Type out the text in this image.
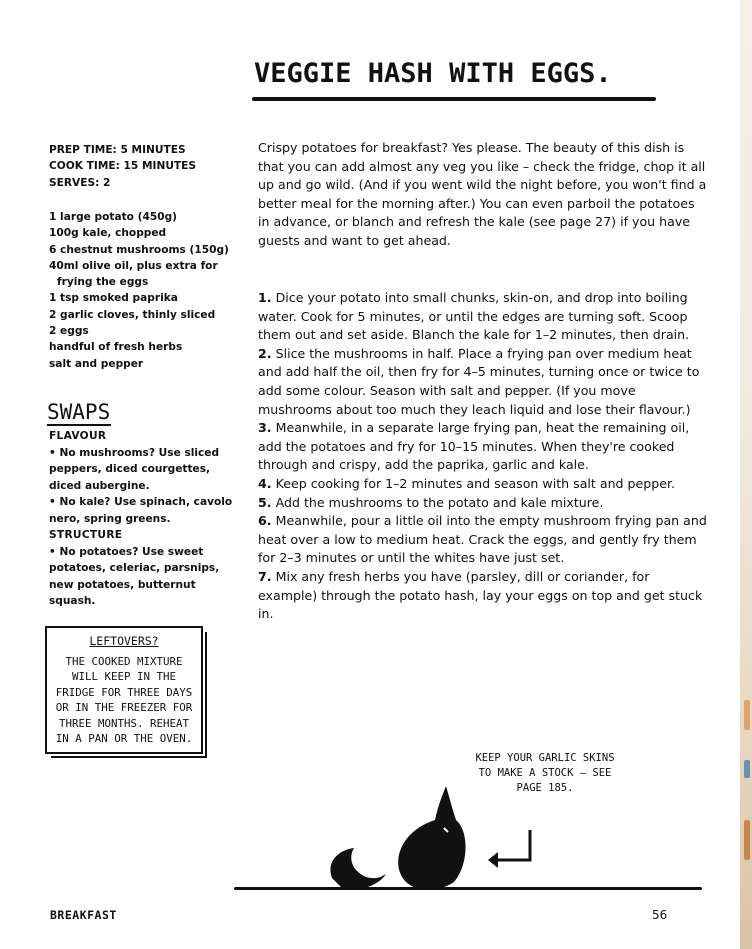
VEGGIE HASH WITH EGGS.
PREP TIME: 5 MINUTES
COOK TIME: 15 MINUTES
SERVES: 2
1 large potato (450g)
100g kale, chopped
6 chestnut mushrooms (150g)
40ml olive oil, plus extra for
frying the eggs
1 tsp smoked paprika
2 garlic cloves, thinly sliced
2 eggs
handful of fresh herbs
salt and pepper
SWAPS
FLAVOUR
• No mushrooms? Use sliced peppers, diced courgettes, diced aubergine.
• No kale? Use spinach, cavolo nero, spring greens.
STRUCTURE
• No potatoes? Use sweet potatoes, celeriac, parsnips, new potatoes, butternut squash.
LEFTOVERS?
THE COOKED MIXTURE WILL KEEP IN THE FRIDGE FOR THREE DAYS OR IN THE FREEZER FOR THREE MONTHS. REHEAT IN A PAN OR THE OVEN.

Crispy potatoes for breakfast? Yes please. The beauty of this dish is that you can add almost any veg you like – check the fridge, chop it all up and go wild. (And if you went wild the night before, you won't find a better meal for the morning after.) You can even parboil the potatoes in advance, or blanch and refresh the kale (see page 27) if you have guests and want to get ahead.

1. Dice your potato into small chunks, skin-on, and drop into boiling water. Cook for 5 minutes, or until the edges are turning soft. Scoop them out and set aside. Blanch the kale for 1–2 minutes, then drain.
2. Slice the mushrooms in half. Place a frying pan over medium heat and add half the oil, then fry for 4–5 minutes, turning once or twice to add some colour. Season with salt and pepper. (If you move mushrooms about too much they leach liquid and lose their flavour.)
3. Meanwhile, in a separate large frying pan, heat the remaining oil, add the potatoes and fry for 10–15 minutes. When they're cooked through and crispy, add the paprika, garlic and kale.
4. Keep cooking for 1–2 minutes and season with salt and pepper.
5. Add the mushrooms to the potato and kale mixture.
6. Meanwhile, pour a little oil into the empty mushroom frying pan and heat over a low to medium heat. Crack the eggs, and gently fry them for 2–3 minutes or until the whites have just set.
7. Mix any fresh herbs you have (parsley, dill or coriander, for example) through the potato hash, lay your eggs on top and get stuck in.
KEEP YOUR GARLIC SKINS TO MAKE A STOCK – SEE PAGE 185.
BREAKFAST	56
